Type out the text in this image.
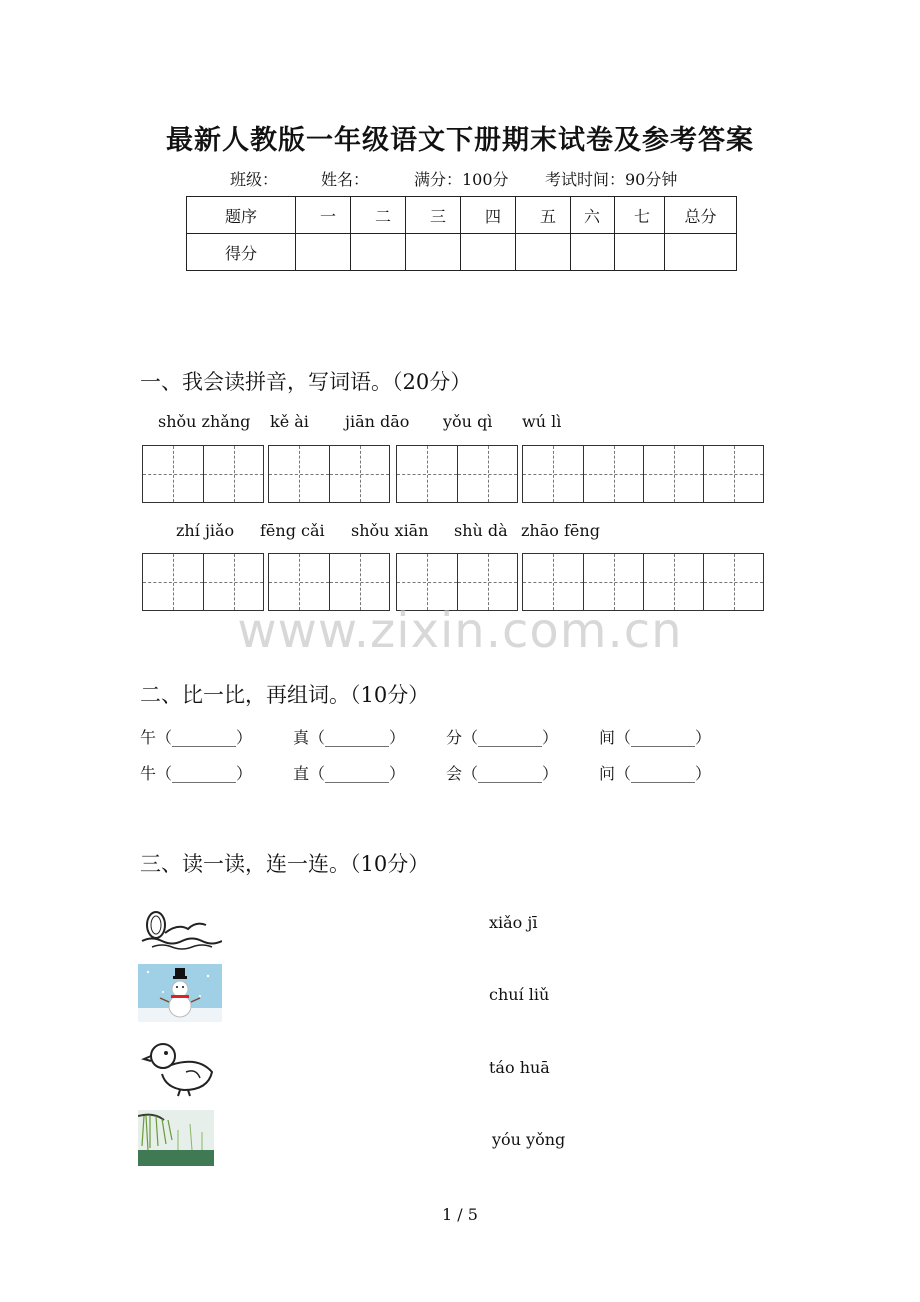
最新人教版一年级语文下册期末试卷及参考答案
班级：	姓名：	满分：100分 考试时间：90分钟
题序	一	二	三	四	五	六	七	总分
得分								
一、我会读拼音，写词语。（20分）
shǒu zhǎng kě ài jiān dāo yǒu qì wú lì
zhí jiǎo fēng cǎi shǒu xiān shù dà zhāo fēng
www.zixin.com.cn
二、比一比，再组词。（10分）
午（________）	真（________）	分（________）	间（________）
牛（________）	直（________）	会（________）	问（________）
三、读一读，连一连。（10分）
xiǎo jī
chuí liǔ
táo huā
yóu yǒng
1 / 5
